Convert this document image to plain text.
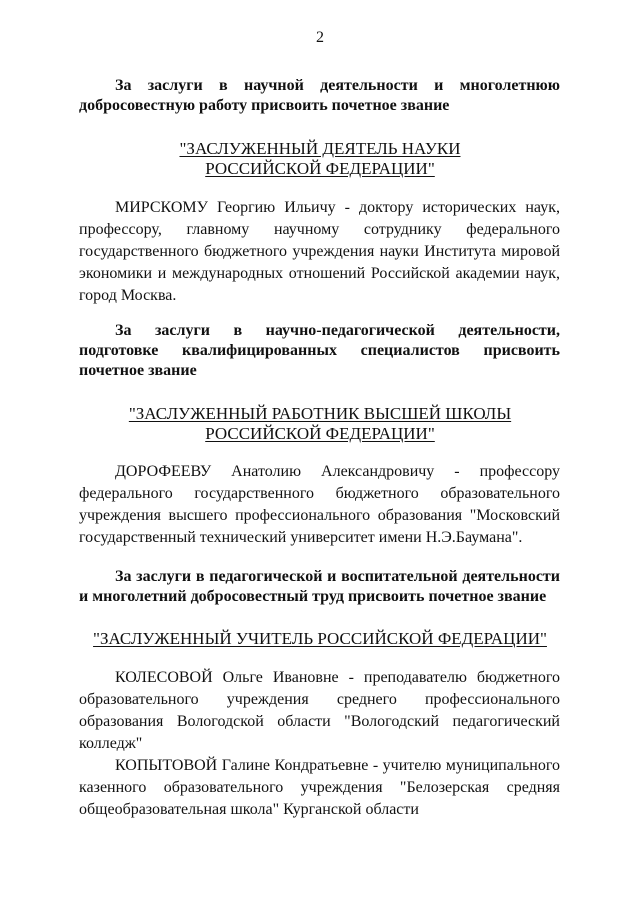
2
За заслуги в научной деятельности и многолетнюю добросовестную работу присвоить почетное звание
"ЗАСЛУЖЕННЫЙ ДЕЯТЕЛЬ НАУКИ
РОССИЙСКОЙ ФЕДЕРАЦИИ"
МИРСКОМУ Георгию Ильичу - доктору исторических наук, профессору, главному научному сотруднику федерального государственного бюджетного учреждения науки Института мировой экономики и международных отношений Российской академии наук, город Москва.
За заслуги в научно-педагогической деятельности, подготовке квалифицированных специалистов присвоить почетное звание
"ЗАСЛУЖЕННЫЙ РАБОТНИК ВЫСШЕЙ ШКОЛЫ
РОССИЙСКОЙ ФЕДЕРАЦИИ"
ДОРОФЕЕВУ Анатолию Александровичу - профессору федерального государственного бюджетного образовательного учреждения высшего профессионального образования "Московский государственный технический университет имени Н.Э.Баумана".
За заслуги в педагогической и воспитательной деятельности и многолетний добросовестный труд присвоить почетное звание
"ЗАСЛУЖЕННЫЙ УЧИТЕЛЬ РОССИЙСКОЙ ФЕДЕРАЦИИ"
КОЛЕСОВОЙ Ольге Ивановне - преподавателю бюджетного образовательного учреждения среднего профессионального образования Вологодской области "Вологодский педагогический колледж"
КОПЫТОВОЙ Галине Кондратьевне - учителю муниципального казенного образовательного учреждения "Белозерская средняя общеобразовательная школа" Курганской области
